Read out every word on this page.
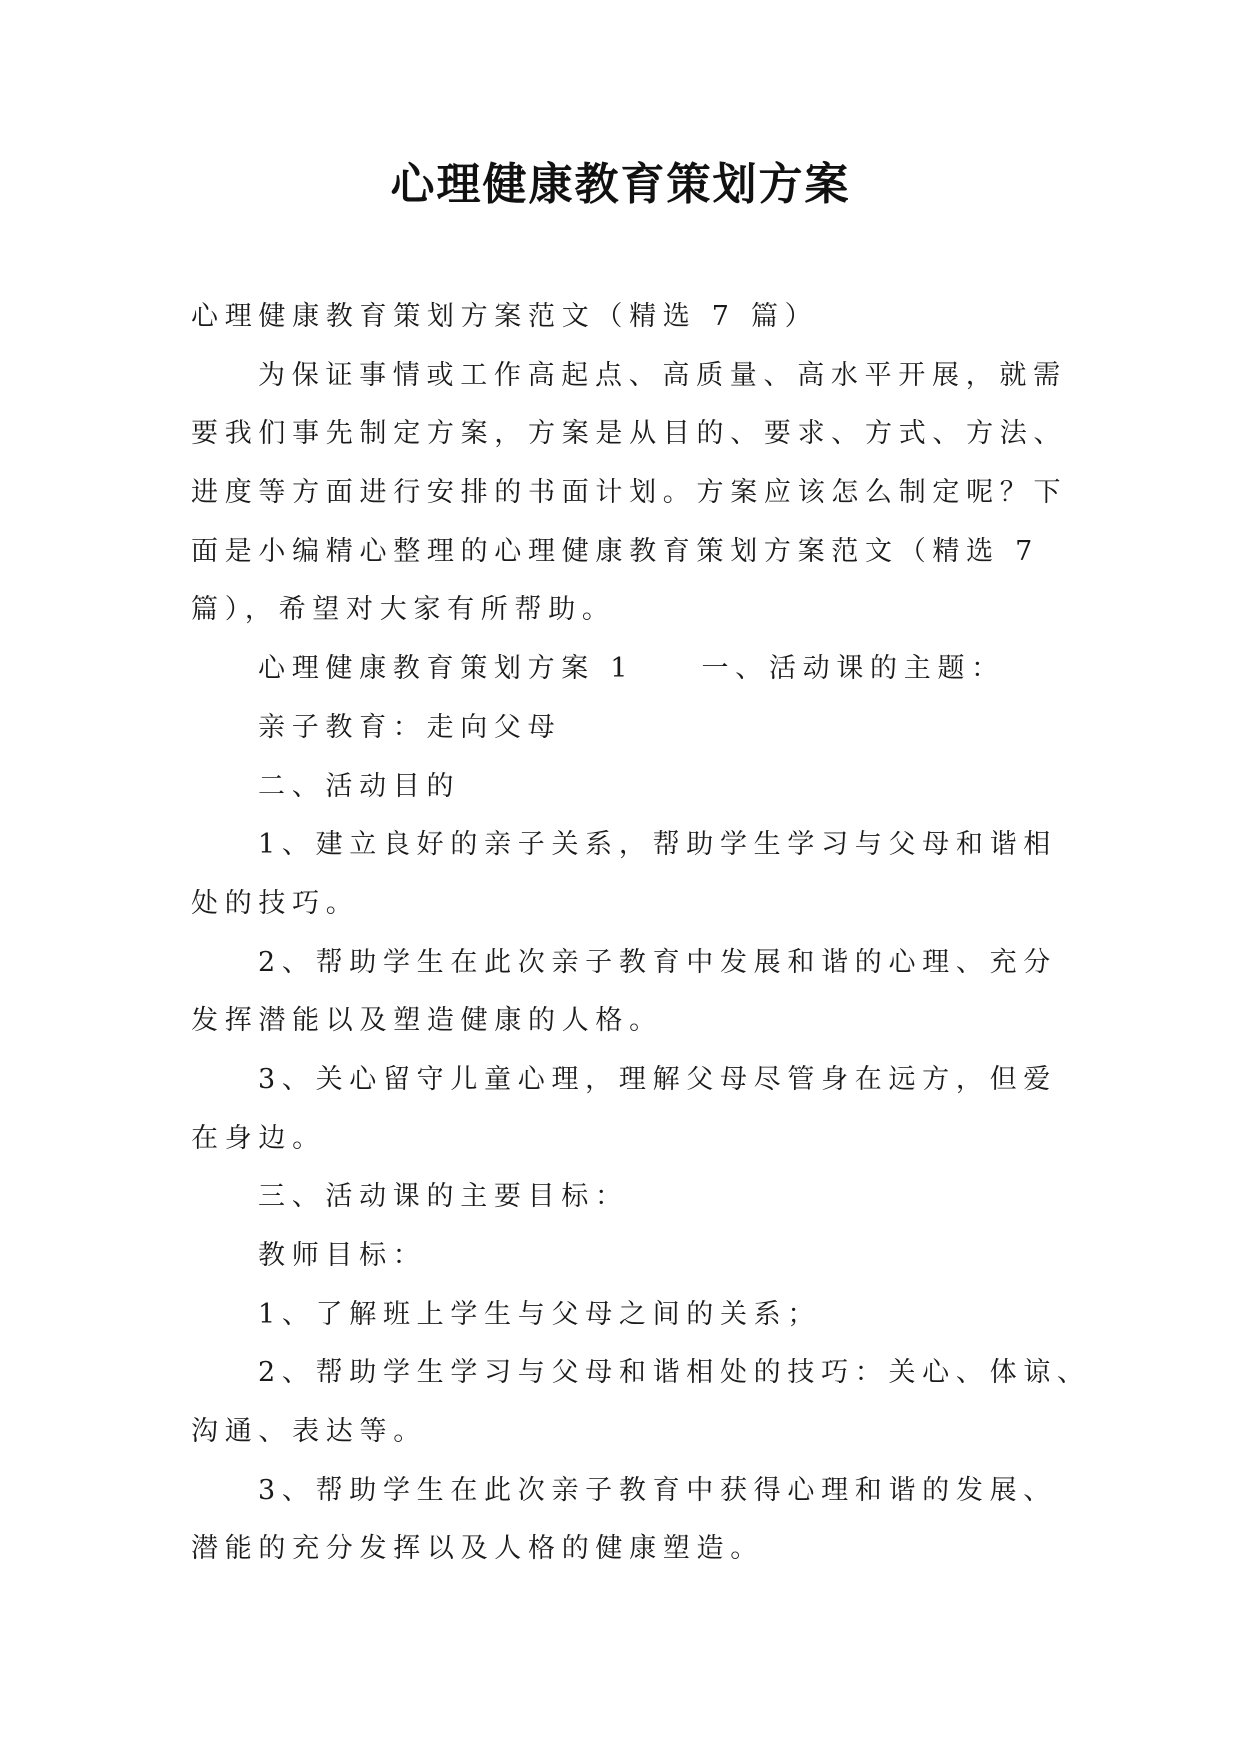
心理健康教育策划方案
心理健康教育策划方案范文（精选 7 篇）
为保证事情或工作高起点、高质量、高水平开展，就需
要我们事先制定方案，方案是从目的、要求、方式、方法、
进度等方面进行安排的书面计划。方案应该怎么制定呢？下
面是小编精心整理的心理健康教育策划方案范文（精选 7
篇），希望对大家有所帮助。
心理健康教育策划方案 1　　一、活动课的主题：
亲子教育：走向父母
二、活动目的
1、建立良好的亲子关系，帮助学生学习与父母和谐相
处的技巧。
2、帮助学生在此次亲子教育中发展和谐的心理、充分
发挥潜能以及塑造健康的人格。
3、关心留守儿童心理，理解父母尽管身在远方，但爱
在身边。
三、活动课的主要目标：
教师目标：
1、了解班上学生与父母之间的关系；
2、帮助学生学习与父母和谐相处的技巧：关心、体谅、
沟通、表达等。
3、帮助学生在此次亲子教育中获得心理和谐的发展、
潜能的充分发挥以及人格的健康塑造。
